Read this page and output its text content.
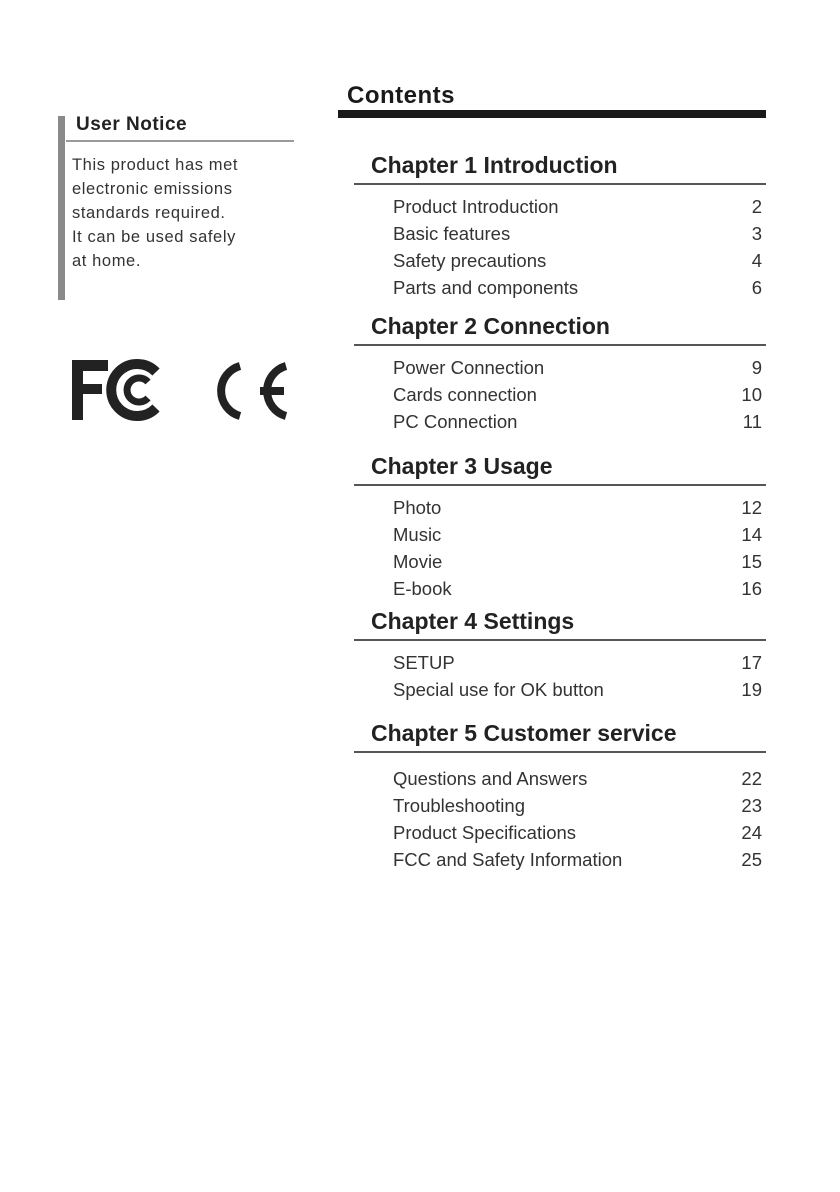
User Notice
This product has met
electronic emissions
standards required.
It can be used safely
at home.
Contents
Chapter 1 Introduction
Product Introduction	2
Basic features	3
Safety precautions	4
Parts and components	6
Chapter 2 Connection
Power Connection	9
Cards connection	10
PC Connection	11
Chapter 3 Usage
Photo	12
Music	14
Movie	15
E-book	16
Chapter 4 Settings
SETUP	17
Special use for OK button	19
Chapter 5 Customer service
Questions and Answers	22
Troubleshooting	23
Product Specifications	24
FCC and Safety Information	25
